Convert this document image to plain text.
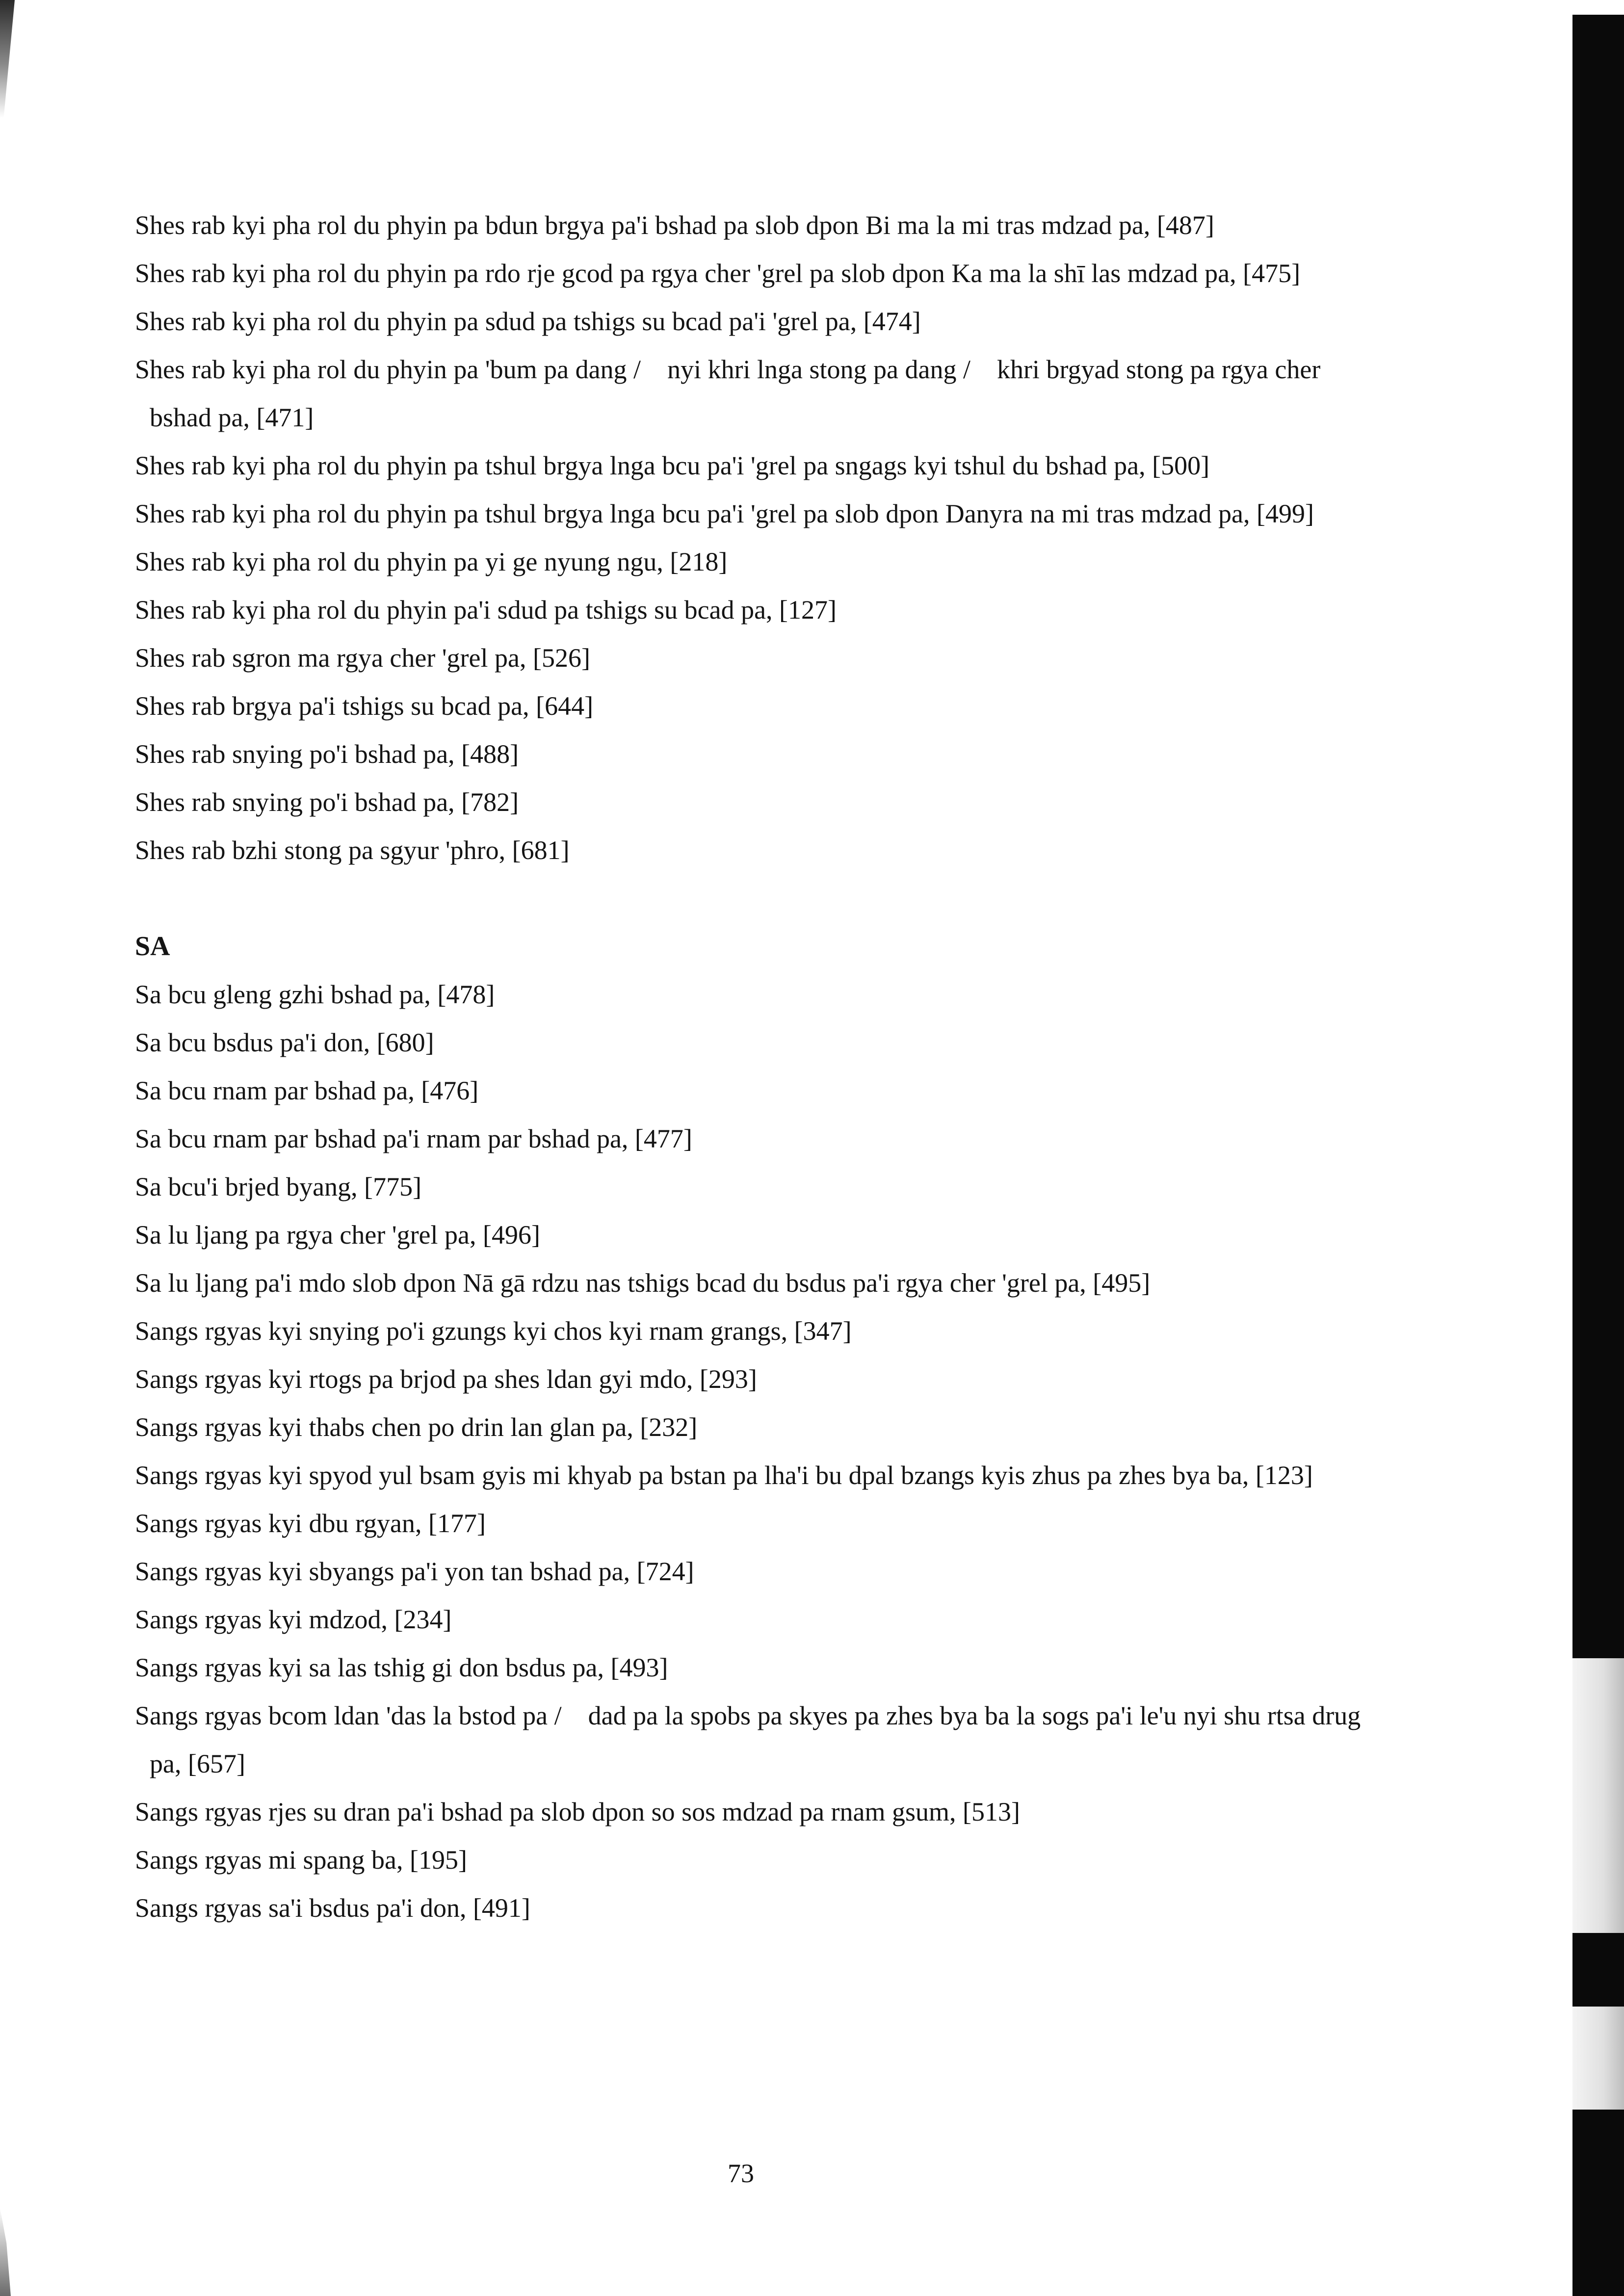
Shes rab kyi pha rol du phyin pa bdun brgya pa'i bshad pa slob dpon Bi ma la mi tras mdzad pa, [487]
Shes rab kyi pha rol du phyin pa rdo rje gcod pa rgya cher 'grel pa slob dpon Ka ma la shī las mdzad pa, [475]
Shes rab kyi pha rol du phyin pa sdud pa tshigs su bcad pa'i 'grel pa, [474]
Shes rab kyi pha rol du phyin pa 'bum pa dang /    nyi khri lnga stong pa dang /    khri brgyad stong pa rgya cher bshad pa, [471]
Shes rab kyi pha rol du phyin pa tshul brgya lnga bcu pa'i 'grel pa sngags kyi tshul du bshad pa, [500]
Shes rab kyi pha rol du phyin pa tshul brgya lnga bcu pa'i 'grel pa slob dpon Danyra na mi tras mdzad pa, [499]
Shes rab kyi pha rol du phyin pa yi ge nyung ngu, [218]
Shes rab kyi pha rol du phyin pa'i sdud pa tshigs su bcad pa, [127]
Shes rab sgron ma rgya cher 'grel pa, [526]
Shes rab brgya pa'i tshigs su bcad pa, [644]
Shes rab snying po'i bshad pa, [488]
Shes rab snying po'i bshad pa, [782]
Shes rab bzhi stong pa sgyur 'phro, [681]
SA
Sa bcu gleng gzhi bshad pa, [478]
Sa bcu bsdus pa'i don, [680]
Sa bcu rnam par bshad pa, [476]
Sa bcu rnam par bshad pa'i rnam par bshad pa, [477]
Sa bcu'i brjed byang, [775]
Sa lu ljang pa rgya cher 'grel pa, [496]
Sa lu ljang pa'i mdo slob dpon Nā gā rdzu nas tshigs bcad du bsdus pa'i rgya cher 'grel pa, [495]
Sangs rgyas kyi snying po'i gzungs kyi chos kyi rnam grangs, [347]
Sangs rgyas kyi rtogs pa brjod pa shes ldan gyi mdo, [293]
Sangs rgyas kyi thabs chen po drin lan glan pa, [232]
Sangs rgyas kyi spyod yul bsam gyis mi khyab pa bstan pa lha'i bu dpal bzangs kyis zhus pa zhes bya ba, [123]
Sangs rgyas kyi dbu rgyan, [177]
Sangs rgyas kyi sbyangs pa'i yon tan bshad pa, [724]
Sangs rgyas kyi mdzod, [234]
Sangs rgyas kyi sa las tshig gi don bsdus pa, [493]
Sangs rgyas bcom ldan 'das la bstod pa /    dad pa la spobs pa skyes pa zhes bya ba la sogs pa'i le'u nyi shu rtsa drug pa, [657]
Sangs rgyas rjes su dran pa'i bshad pa slob dpon so sos mdzad pa rnam gsum, [513]
Sangs rgyas mi spang ba, [195]
Sangs rgyas sa'i bsdus pa'i don, [491]
73
